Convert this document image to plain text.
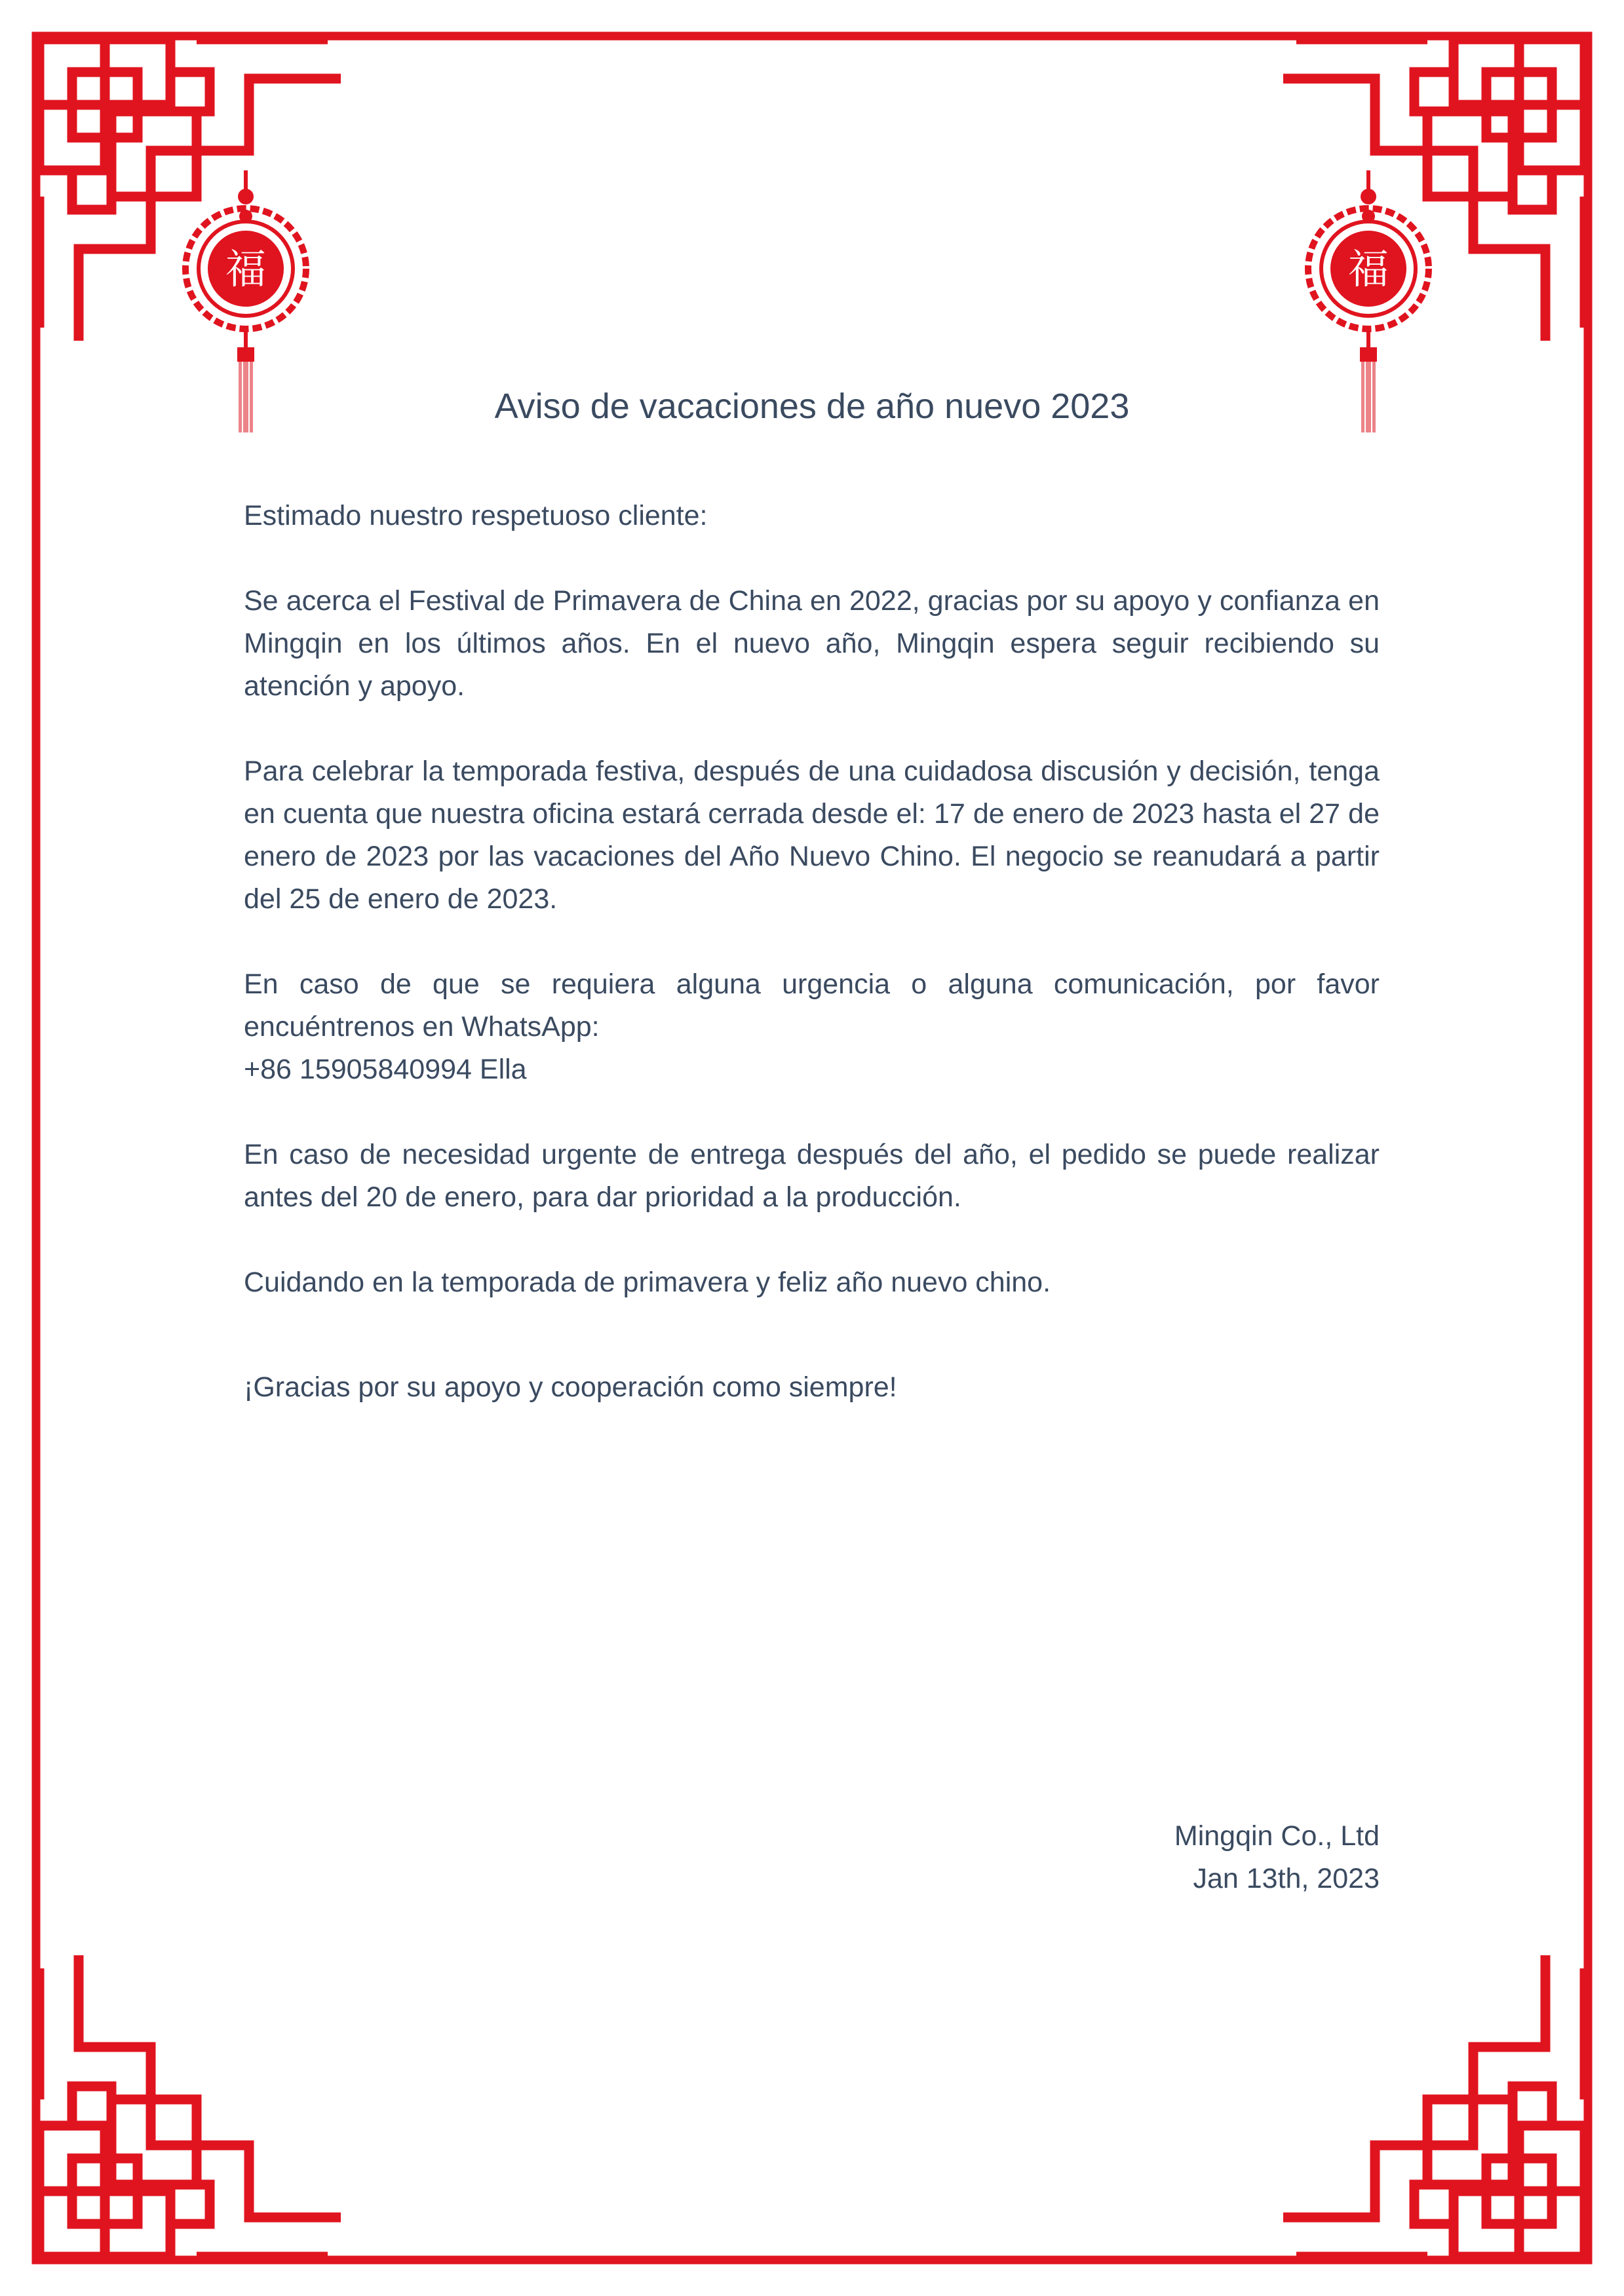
福	福
Aviso de vacaciones de año nuevo 2023

Estimado nuestro respetuoso cliente:

Se acerca el Festival de Primavera de China en 2022, gracias por su apoyo y confianza en Mingqin en los últimos años. En el nuevo año, Mingqin espera seguir recibiendo su atención y apoyo.

Para celebrar la temporada festiva, después de una cuidadosa discusión y decisión, tenga en cuenta que nuestra oficina estará cerrada desde el: 17 de enero de 2023 hasta el 27 de enero de 2023 por las vacaciones del Año Nuevo Chino. El negocio se reanudará a partir del 25 de enero de 2023.

En caso de que se requiera alguna urgencia o alguna comunicación, por favor encuéntrenos en WhatsApp:
+86 15905840994 Ella

En caso de necesidad urgente de entrega después del año, el pedido se puede realizar antes del 20 de enero, para dar prioridad a la producción.

Cuidando en la temporada de primavera y feliz año nuevo chino.

¡Gracias por su apoyo y cooperación como siempre!

Mingqin Co., Ltd
Jan 13th, 2023
